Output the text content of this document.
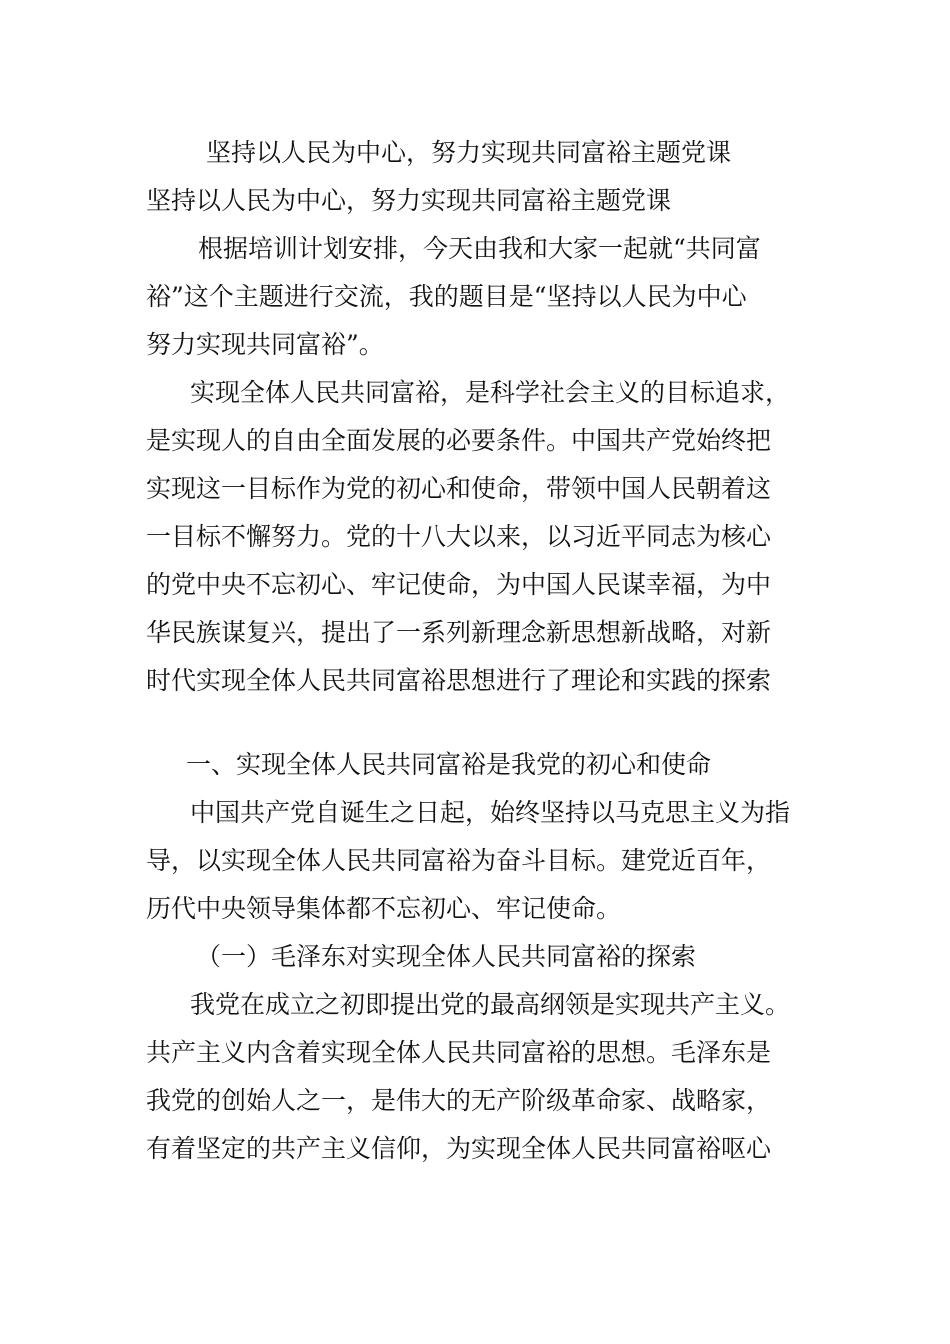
坚持以人民为中心，努力实现共同富裕主题党课

坚持以人民为中心，努力实现共同富裕主题党课

根据培训计划安排，今天由我和大家一起就“共同富

裕”这个主题进行交流，我的题目是“坚持以人民为中心

努力实现共同富裕”。

实现全体人民共同富裕，是科学社会主义的目标追求，

是实现人的自由全面发展的必要条件。中国共产党始终把

实现这一目标作为党的初心和使命，带领中国人民朝着这

一目标不懈努力。党的十八大以来，以习近平同志为核心

的党中央不忘初心、牢记使命，为中国人民谋幸福，为中

华民族谋复兴，提出了一系列新理念新思想新战略，对新

时代实现全体人民共同富裕思想进行了理论和实践的探索

一、实现全体人民共同富裕是我党的初心和使命

中国共产党自诞生之日起，始终坚持以马克思主义为指

导，以实现全体人民共同富裕为奋斗目标。建党近百年，

历代中央领导集体都不忘初心、牢记使命。

（一）毛泽东对实现全体人民共同富裕的探索

我党在成立之初即提出党的最高纲领是实现共产主义。

共产主义内含着实现全体人民共同富裕的思想。毛泽东是

我党的创始人之一，是伟大的无产阶级革命家、战略家，

有着坚定的共产主义信仰，为实现全体人民共同富裕呕心
